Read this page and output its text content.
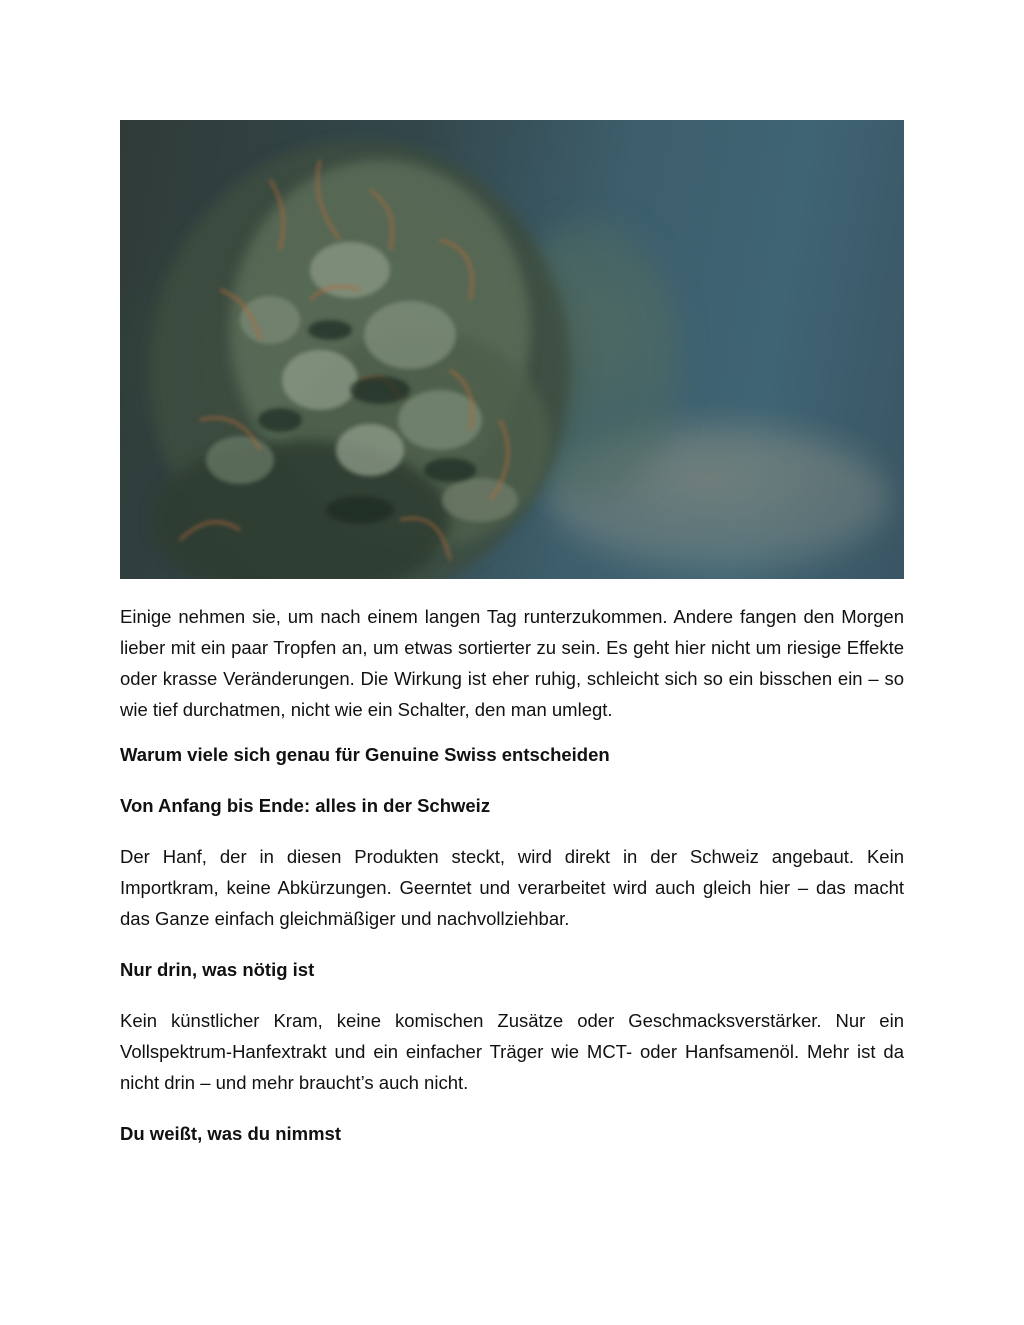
Einige nehmen sie, um nach einem langen Tag runterzukommen. Andere fangen den Morgen lieber mit ein paar Tropfen an, um etwas sortierter zu sein. Es geht hier nicht um riesige Effekte oder krasse Veränderungen. Die Wirkung ist eher ruhig, schleicht sich so ein bisschen ein – so wie tief durchatmen, nicht wie ein Schalter, den man umlegt.

Warum viele sich genau für Genuine Swiss entscheiden
Von Anfang bis Ende: alles in der Schweiz

Der Hanf, der in diesen Produkten steckt, wird direkt in der Schweiz angebaut. Kein Importkram, keine Abkürzungen. Geerntet und verarbeitet wird auch gleich hier – das macht das Ganze einfach gleichmäßiger und nachvollziehbar.

Nur drin, was nötig ist

Kein künstlicher Kram, keine komischen Zusätze oder Geschmacksverstärker. Nur ein Vollspektrum-Hanfextrakt und ein einfacher Träger wie MCT- oder Hanfsamenöl. Mehr ist da nicht drin – und mehr braucht’s auch nicht.

Du weißt, was du nimmst
